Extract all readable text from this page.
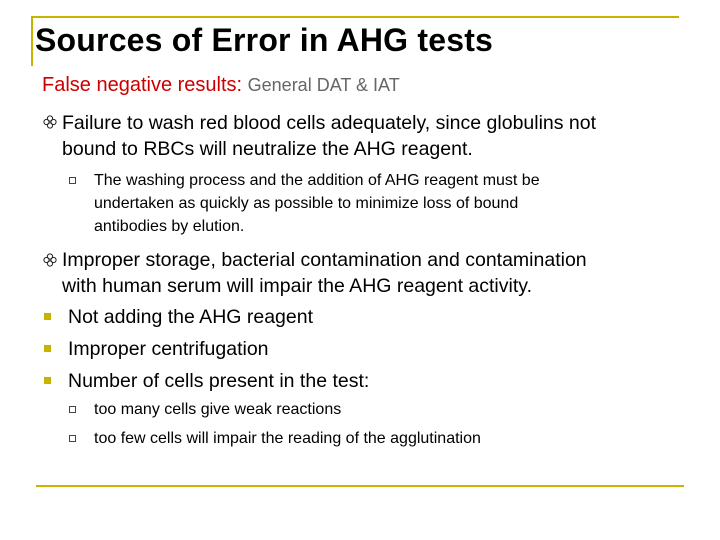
Sources of Error in AHG tests
False negative results: General DAT & IAT
Failure to wash red blood cells adequately, since globulins not
bound to RBCs will neutralize the AHG reagent.
The washing process and the addition of AHG reagent must be
undertaken as quickly as possible to minimize loss of bound
antibodies by elution.
Improper storage, bacterial contamination and contamination
with human serum will impair the AHG reagent activity.
Not adding the AHG reagent
Improper centrifugation
Number of cells present in the test:
too many cells give weak reactions
too few cells will impair the reading of the agglutination
